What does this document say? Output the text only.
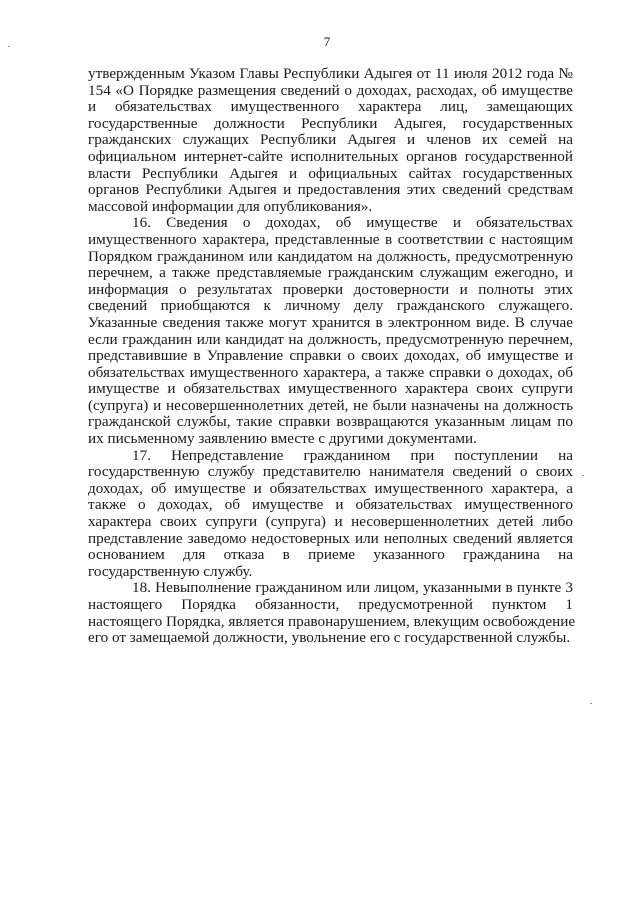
7
утвержденным Указом Главы Республики Адыгея от 11 июля 2012 года №
154 «О Порядке размещения сведений о доходах, расходах, об имуществе
и обязательствах имущественного характера лиц, замещающих
государственные должности Республики Адыгея, государственных
гражданских служащих Республики Адыгея и членов их семей на
официальном интернет-сайте исполнительных органов государственной
власти Республики Адыгея и официальных сайтах государственных
органов Республики Адыгея и предоставления этих сведений средствам
массовой информации для опубликования».
16. Сведения о доходах, об имуществе и обязательствах
имущественного характера, представленные в соответствии с настоящим
Порядком гражданином или кандидатом на должность, предусмотренную
перечнем, а также представляемые гражданским служащим ежегодно, и
информация о результатах проверки достоверности и полноты этих
сведений приобщаются к личному делу гражданского служащего.
Указанные сведения также могут хранится в электронном виде. В случае
если гражданин или кандидат на должность, предусмотренную перечнем,
представившие в Управление справки о своих доходах, об имуществе и
обязательствах имущественного характера, а также справки о доходах, об
имуществе и обязательствах имущественного характера своих супруги
(супруга) и несовершеннолетних детей, не были назначены на должность
гражданской службы, такие справки возвращаются указанным лицам по
их письменному заявлению вместе с другими документами.
17. Непредставление гражданином при поступлении на
государственную службу представителю нанимателя сведений о своих
доходах, об имуществе и обязательствах имущественного характера, а
также о доходах, об имуществе и обязательствах имущественного
характера своих супруги (супруга) и несовершеннолетних детей либо
представление заведомо недостоверных или неполных сведений является
основанием для отказа в приеме указанного гражданина на
государственную службу.
18. Невыполнение гражданином или лицом, указанными в пункте 3
настоящего Порядка обязанности, предусмотренной пунктом 1
настоящего Порядка, является правонарушением, влекущим освобождение
его от замещаемой должности, увольнение его с государственной службы.
